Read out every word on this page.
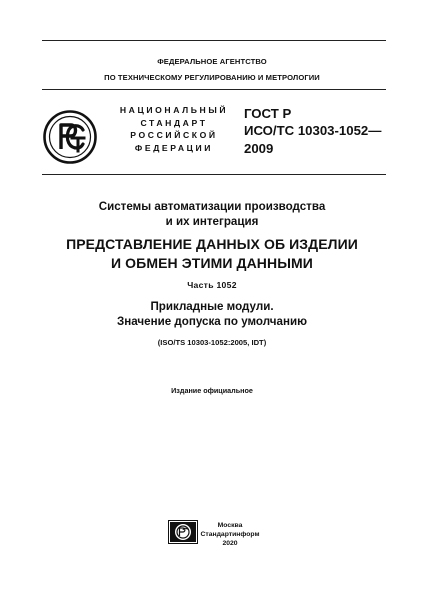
ФЕДЕРАЛЬНОЕ АГЕНТСТВО
ПО ТЕХНИЧЕСКОМУ РЕГУЛИРОВАНИЮ И МЕТРОЛОГИИ
НАЦИОНАЛЬНЫЙ
СТАНДАРТ
РОССИЙСКОЙ
ФЕДЕРАЦИИ
ГОСТ Р
ИСО/ТС 10303-1052—
2009
Системы автоматизации производства
и их интеграция
ПРЕДСТАВЛЕНИЕ ДАННЫХ ОБ ИЗДЕЛИИ
И ОБМЕН ЭТИМИ ДАННЫМИ
Часть 1052
Прикладные модули.
Значение допуска по умолчанию
(ISO/TS 10303-1052:2005, IDT)
Издание официальное
Москва
Стандартинформ
2020
